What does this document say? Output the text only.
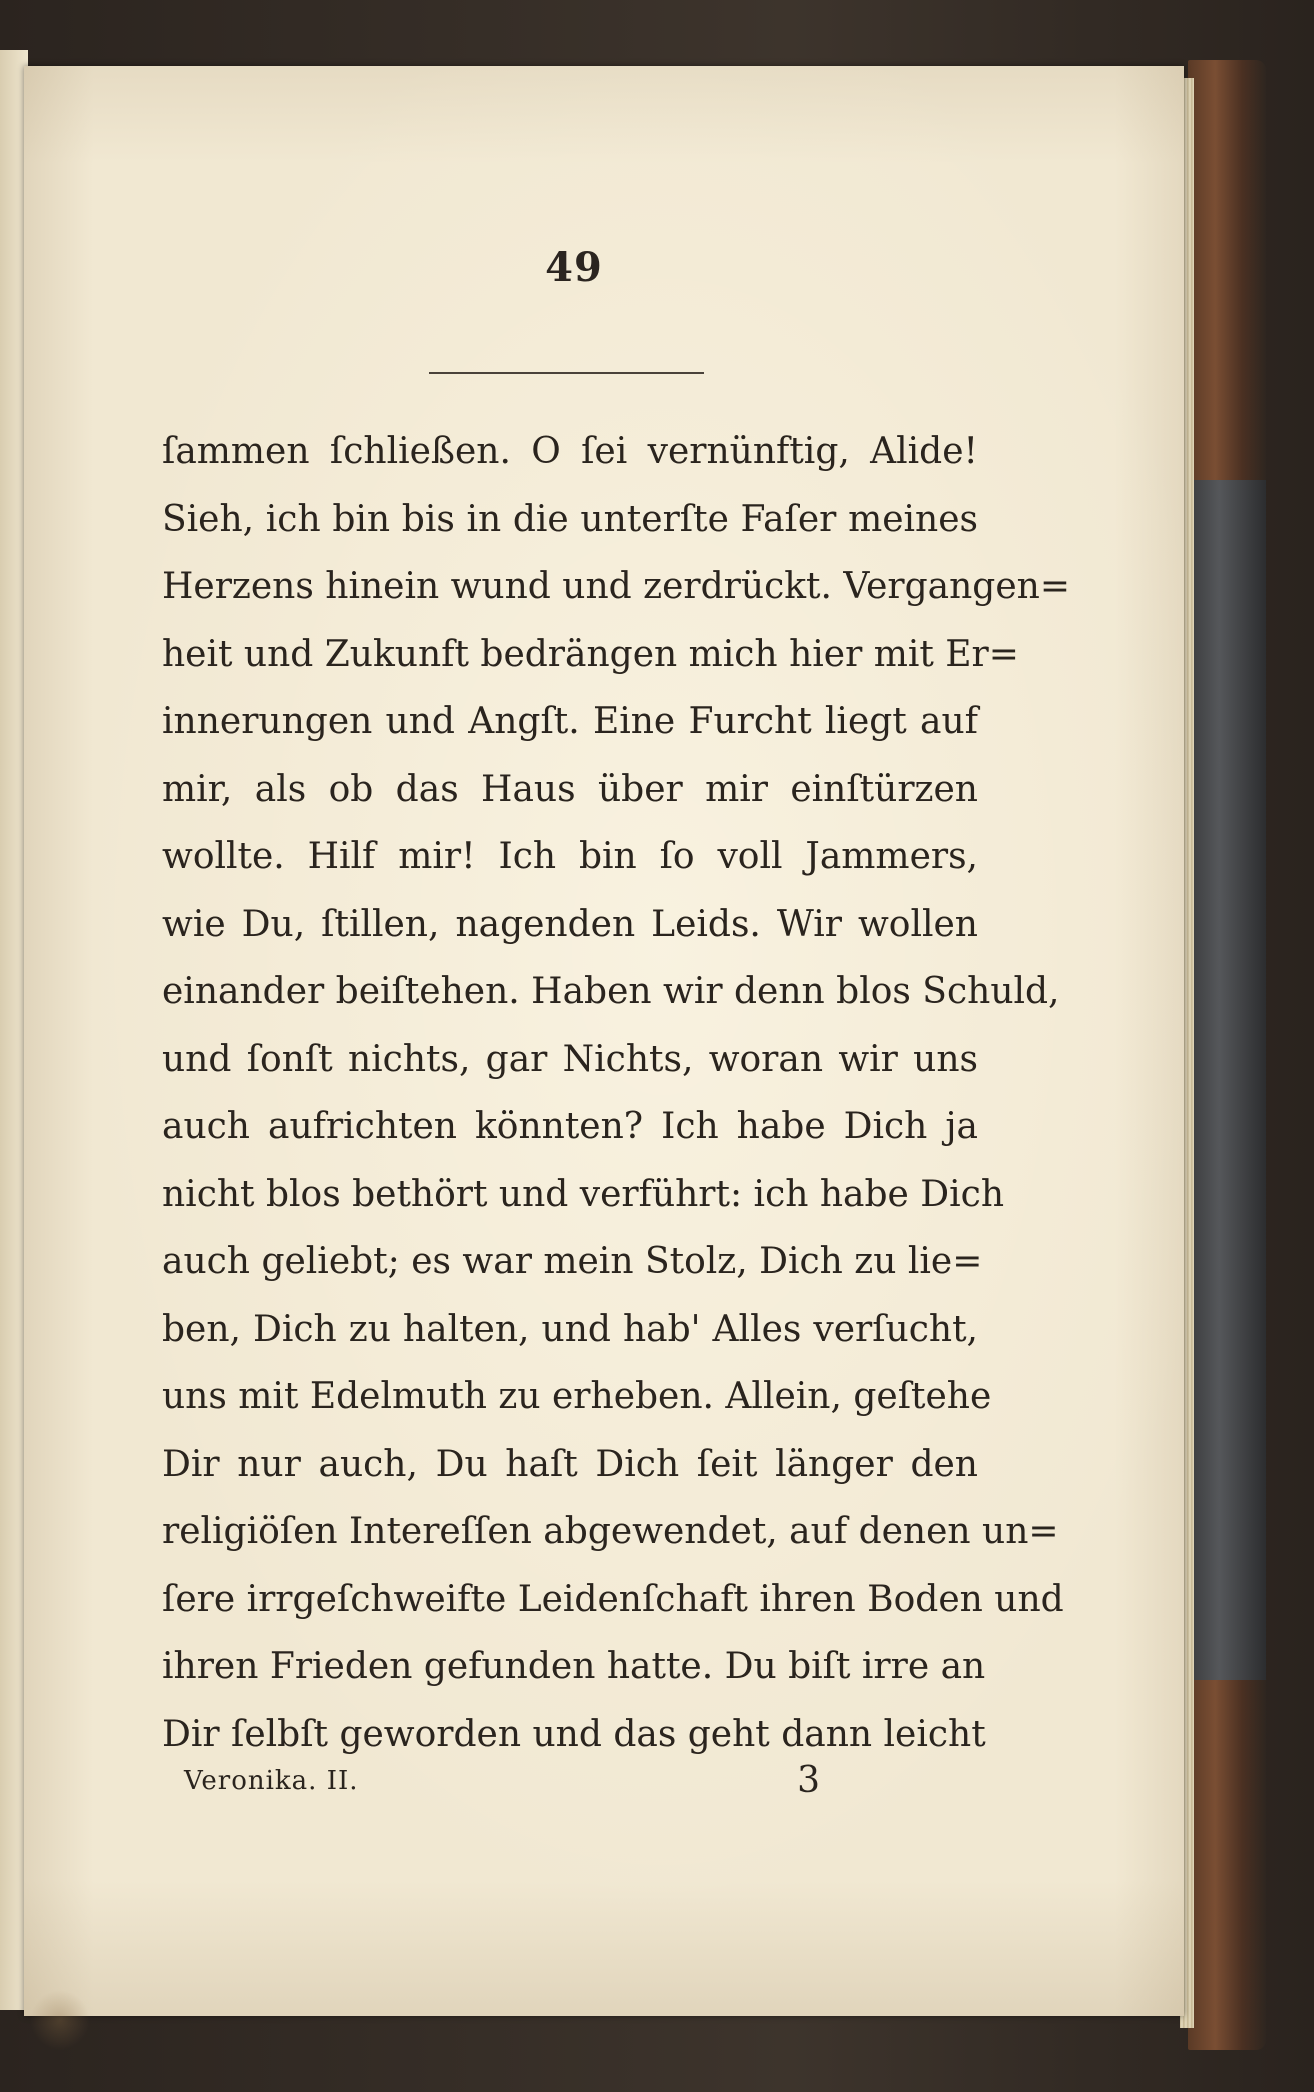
49
ſammen ſchließen. O ſei vernünftig, Alide!
Sieh, ich bin bis in die unterſte Faſer meines
Herzens hinein wund und zerdrückt. Vergangen=
heit und Zukunft bedrängen mich hier mit Er=
innerungen und Angſt. Eine Furcht liegt auf
mir, als ob das Haus über mir einſtürzen
wollte. Hilf mir! Ich bin ſo voll Jammers,
wie Du, ſtillen, nagenden Leids. Wir wollen
einander beiſtehen. Haben wir denn blos Schuld,
und ſonſt nichts, gar Nichts, woran wir uns
auch aufrichten könnten? Ich habe Dich ja
nicht blos bethört und verführt: ich habe Dich
auch geliebt; es war mein Stolz, Dich zu lie=
ben, Dich zu halten, und hab' Alles verſucht,
uns mit Edelmuth zu erheben. Allein, geſtehe
Dir nur auch, Du haſt Dich ſeit länger den
religiöſen Intereſſen abgewendet, auf denen un=
ſere irrgeſchweifte Leidenſchaft ihren Boden und
ihren Frieden gefunden hatte. Du biſt irre an
Dir ſelbſt geworden und das geht dann leicht
Veronika. II.	3
